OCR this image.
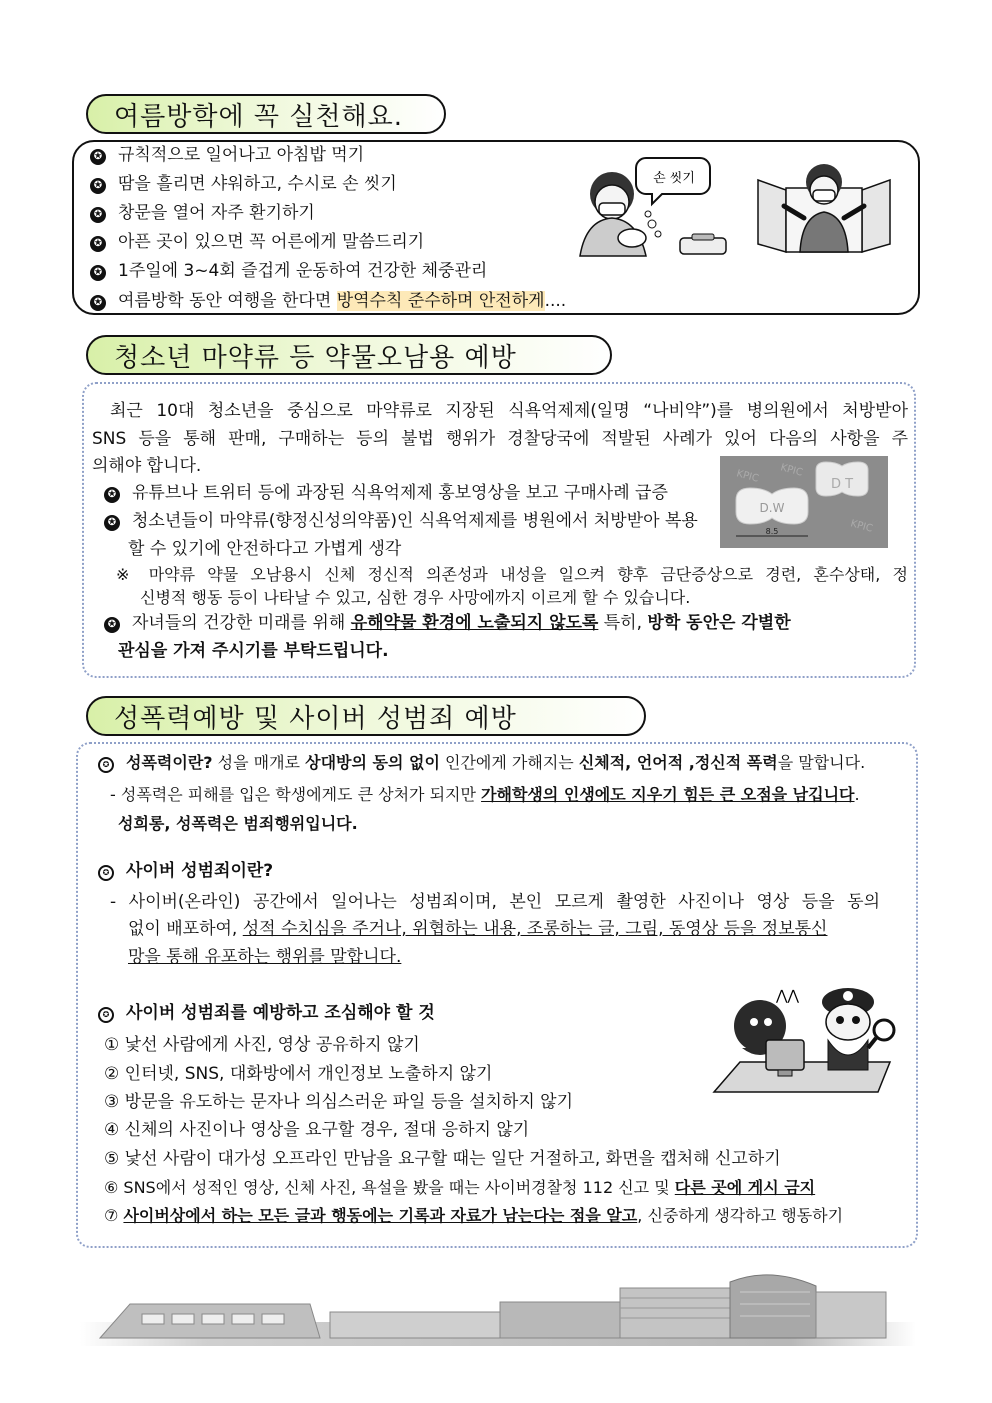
여름방학에 꼭 실천해요.
✪ 규칙적으로 일어나고 아침밥 먹기
✪ 땀을 흘리면 샤워하고, 수시로 손 씻기
✪ 창문을 열어 자주 환기하기
✪ 아픈 곳이 있으면 꼭 어른에게 말씀드리기
✪ 1주일에 3~4회 즐겁게 운동하여 건강한 체중관리
✪ 여름방학 동안 여행을 한다면 방역수칙 준수하며 안전하게....
손 씻기
청소년 마약류 등 약물오남용 예방
최근 10대 청소년을 중심으로 마약류로 지장된 식욕억제제(일명 “나비약”)를 병의원에서 처방받아
SNS 등을 통해 판매, 구매하는 등의 불법 행위가 경찰당국에 적발된 사례가 있어 다음의 사항을 주
의해야 합니다.
✪ 유튜브나 트위터 등에 과장된 식욕억제제 홍보영상을 보고 구매사례 급증
✪ 청소년들이 마약류(향정신성의약품)인 식욕억제제를 병원에서 처방받아 복용
할 수 있기에 안전하다고 가볍게 생각
※ 마약류 약물 오남용시 신체 정신적 의존성과 내성을 일으켜 향후 금단증상으로 경련, 혼수상태, 정
신병적 행동 등이 나타날 수 있고, 심한 경우 사망에까지 이르게 할 수 있습니다.
✪ 자녀들의 건강한 미래를 위해 유해약물 환경에 노출되지 않도록 특히, 방학 동안은 각별한
관심을 가져 주시기를 부탁드립니다.
KPIC KPIC
KPIC
D.W
D T
8.5
성폭력예방 및 사이버 성범죄 예방
✪ 성폭력이란? 성을 매개로 상대방의 동의 없이 인간에게 가해지는 신체적, 언어적 ,정신적 폭력을 말합니다.
- 성폭력은 피해를 입은 학생에게도 큰 상처가 되지만 가해학생의 인생에도 지우기 힘든 큰 오점을 남깁니다.
성희롱, 성폭력은 범죄행위입니다.
✪ 사이버 성범죄이란?
- 사이버(온라인) 공간에서 일어나는 성범죄이며, 본인 모르게 촬영한 사진이나 영상 등을 동의
없이 배포하여, 성적 수치심을 주거나, 위협하는 내용, 조롱하는 글, 그림, 동영상 등을 정보통신
망을 통해 유포하는 행위를 말합니다.
✪ 사이버 성범죄를 예방하고 조심해야 할 것
① 낯선 사람에게 사진, 영상 공유하지 않기
② 인터넷, SNS, 대화방에서 개인정보 노출하지 않기
③ 방문을 유도하는 문자나 의심스러운 파일 등을 설치하지 않기
④ 신체의 사진이나 영상을 요구할 경우, 절대 응하지 않기
⑤ 낯선 사람이 대가성 오프라인 만남을 요구할 때는 일단 거절하고, 화면을 캡처해 신고하기
⑥ SNS에서 성적인 영상, 신체 사진, 욕설을 봤을 때는 사이버경찰청 112 신고 및 다른 곳에 게시 금지
⑦ 사이버상에서 하는 모든 글과 행동에는 기록과 자료가 남는다는 점을 알고, 신중하게 생각하고 행동하기
⋀⋀
